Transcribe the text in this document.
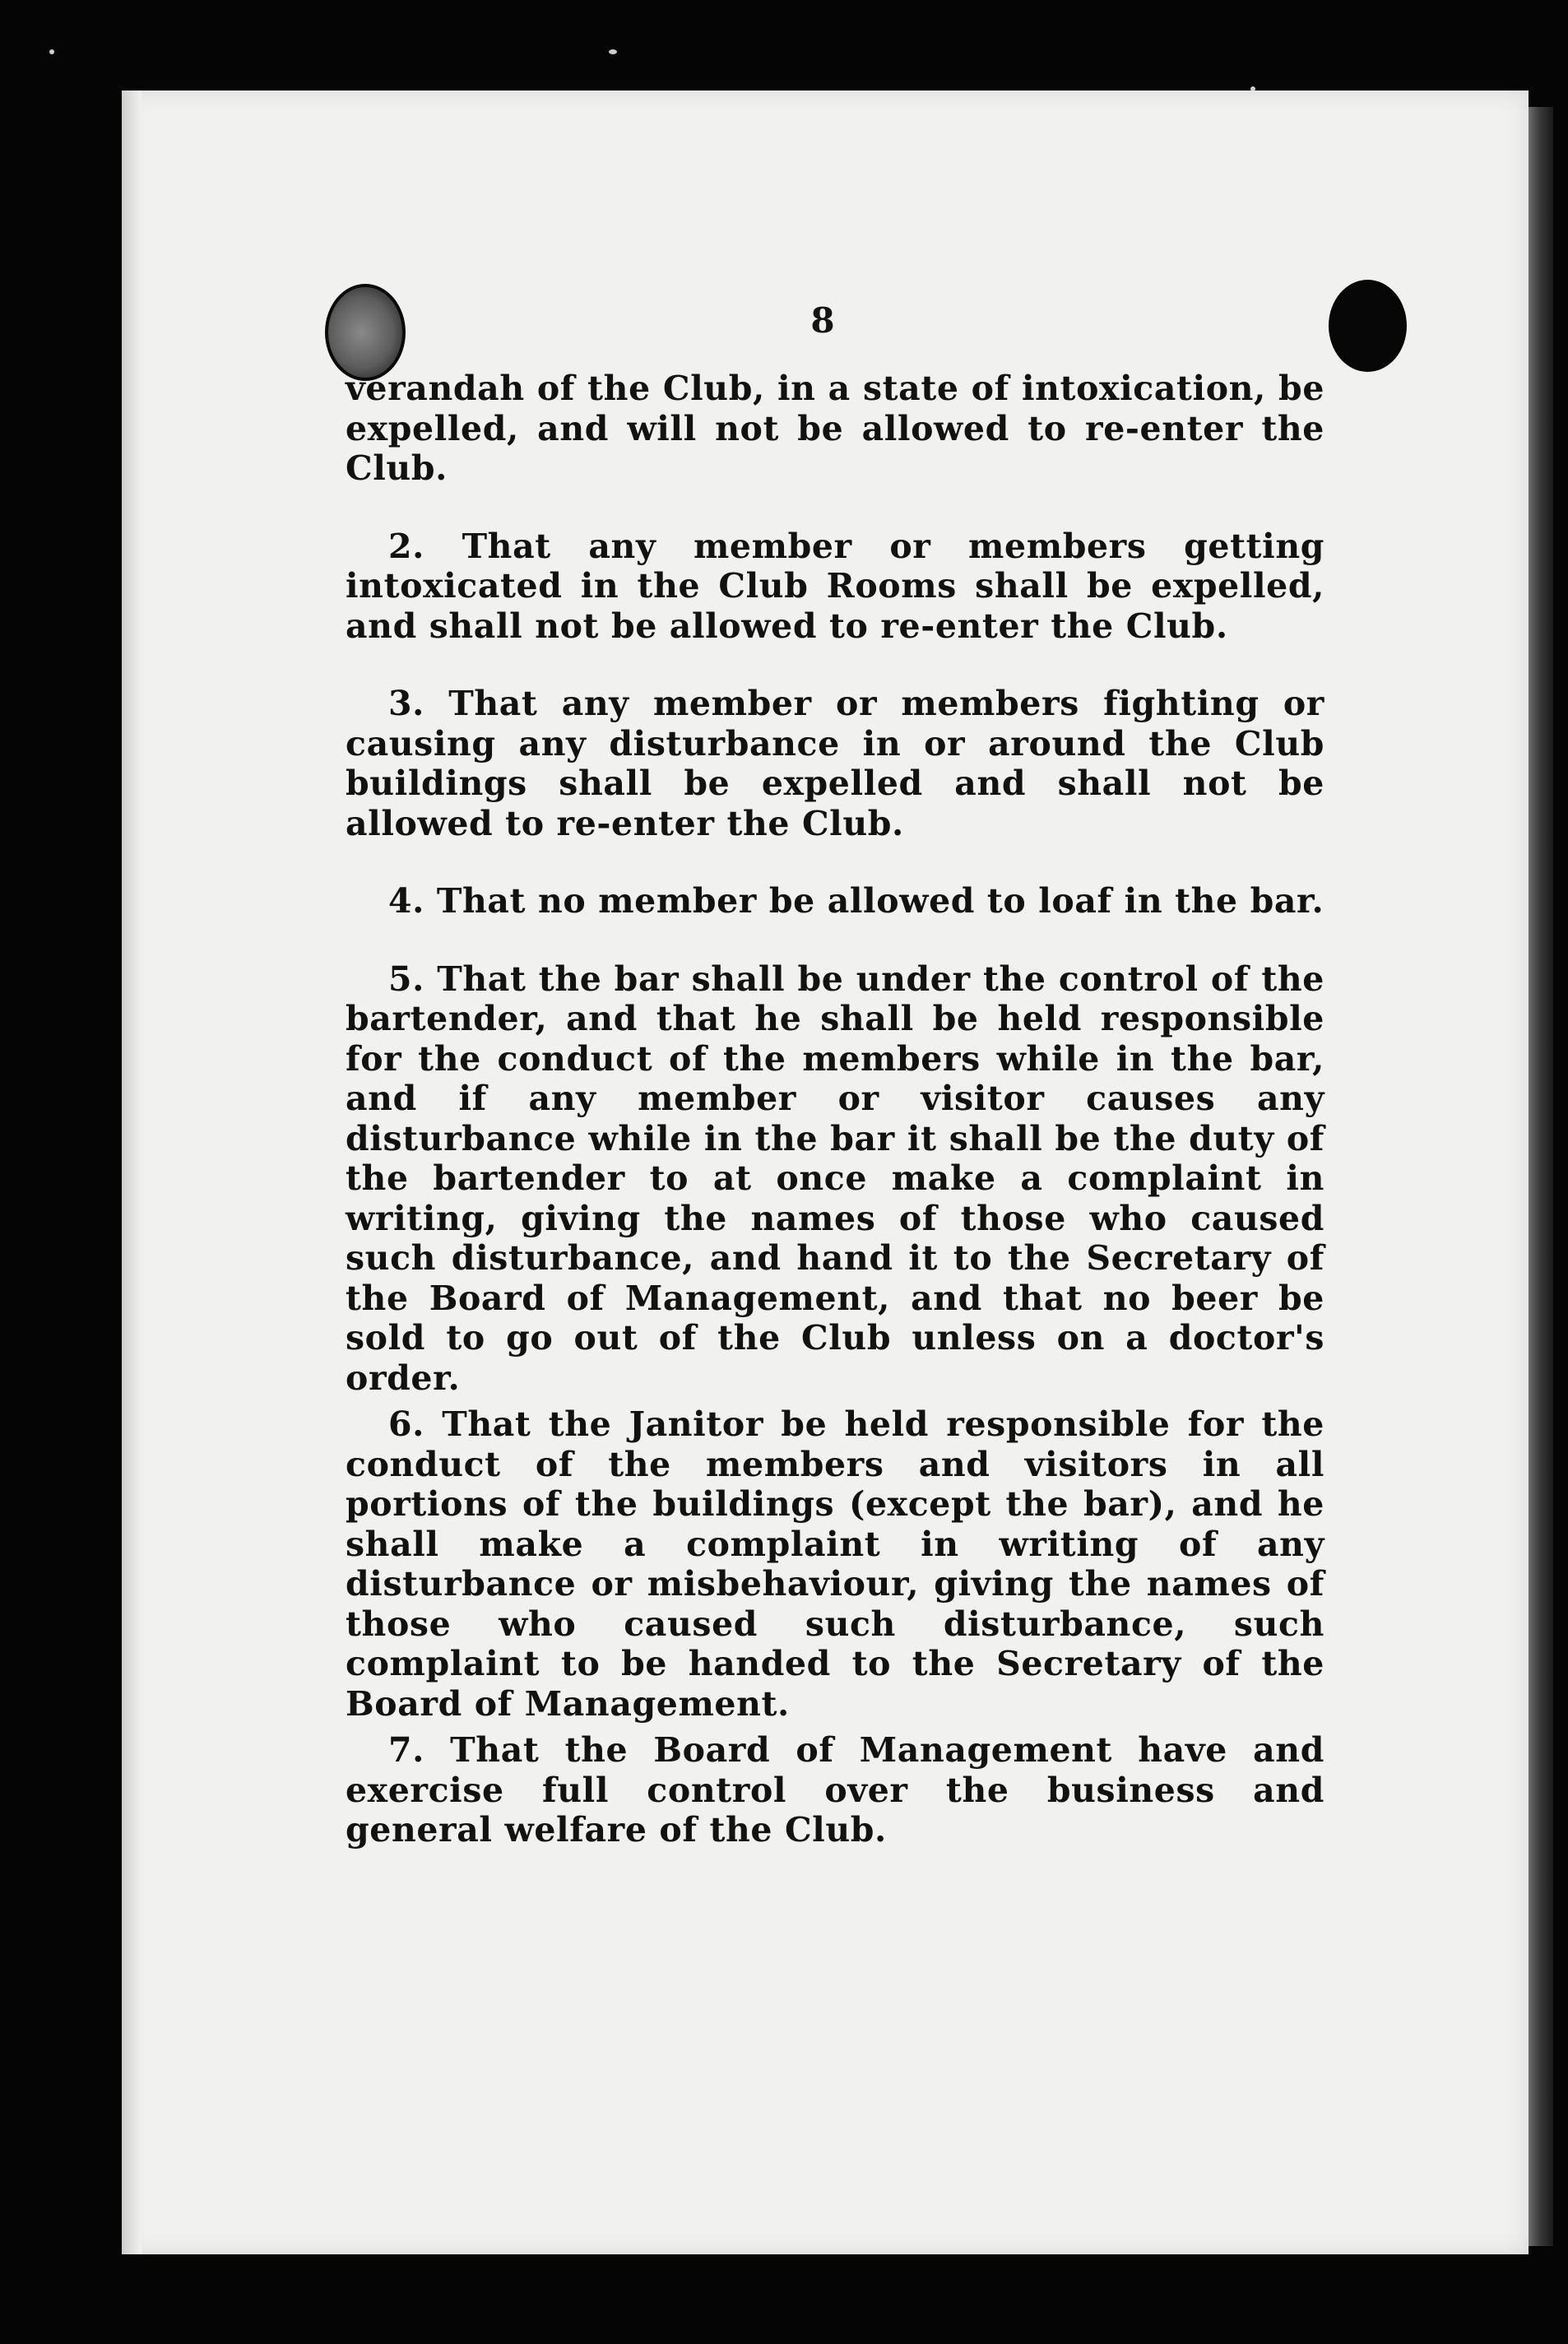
8

verandah of the Club, in a state of intoxication, be expelled, and will not be allowed to re-enter the Club.

2. That any member or members getting intoxicated in the Club Rooms shall be expelled, and shall not be allowed to re-enter the Club.

3. That any member or members fighting or causing any disturbance in or around the Club buildings shall be expelled and shall not be allowed to re-enter the Club.

4. That no member be allowed to loaf in the bar.

5. That the bar shall be under the control of the bartender, and that he shall be held responsible for the conduct of the members while in the bar, and if any member or visitor causes any disturbance while in the bar it shall be the duty of the bartender to at once make a complaint in writing, giving the names of those who caused such disturbance, and hand it to the Secretary of the Board of Management, and that no beer be sold to go out of the Club unless on a doctor's order.

6. That the Janitor be held responsible for the conduct of the members and visitors in all portions of the buildings (except the bar), and he shall make a complaint in writing of any disturbance or misbehaviour, giving the names of those who caused such disturbance, such complaint to be handed to the Secretary of the Board of Management.

7. That the Board of Management have and exercise full control over the business and general welfare of the Club.
